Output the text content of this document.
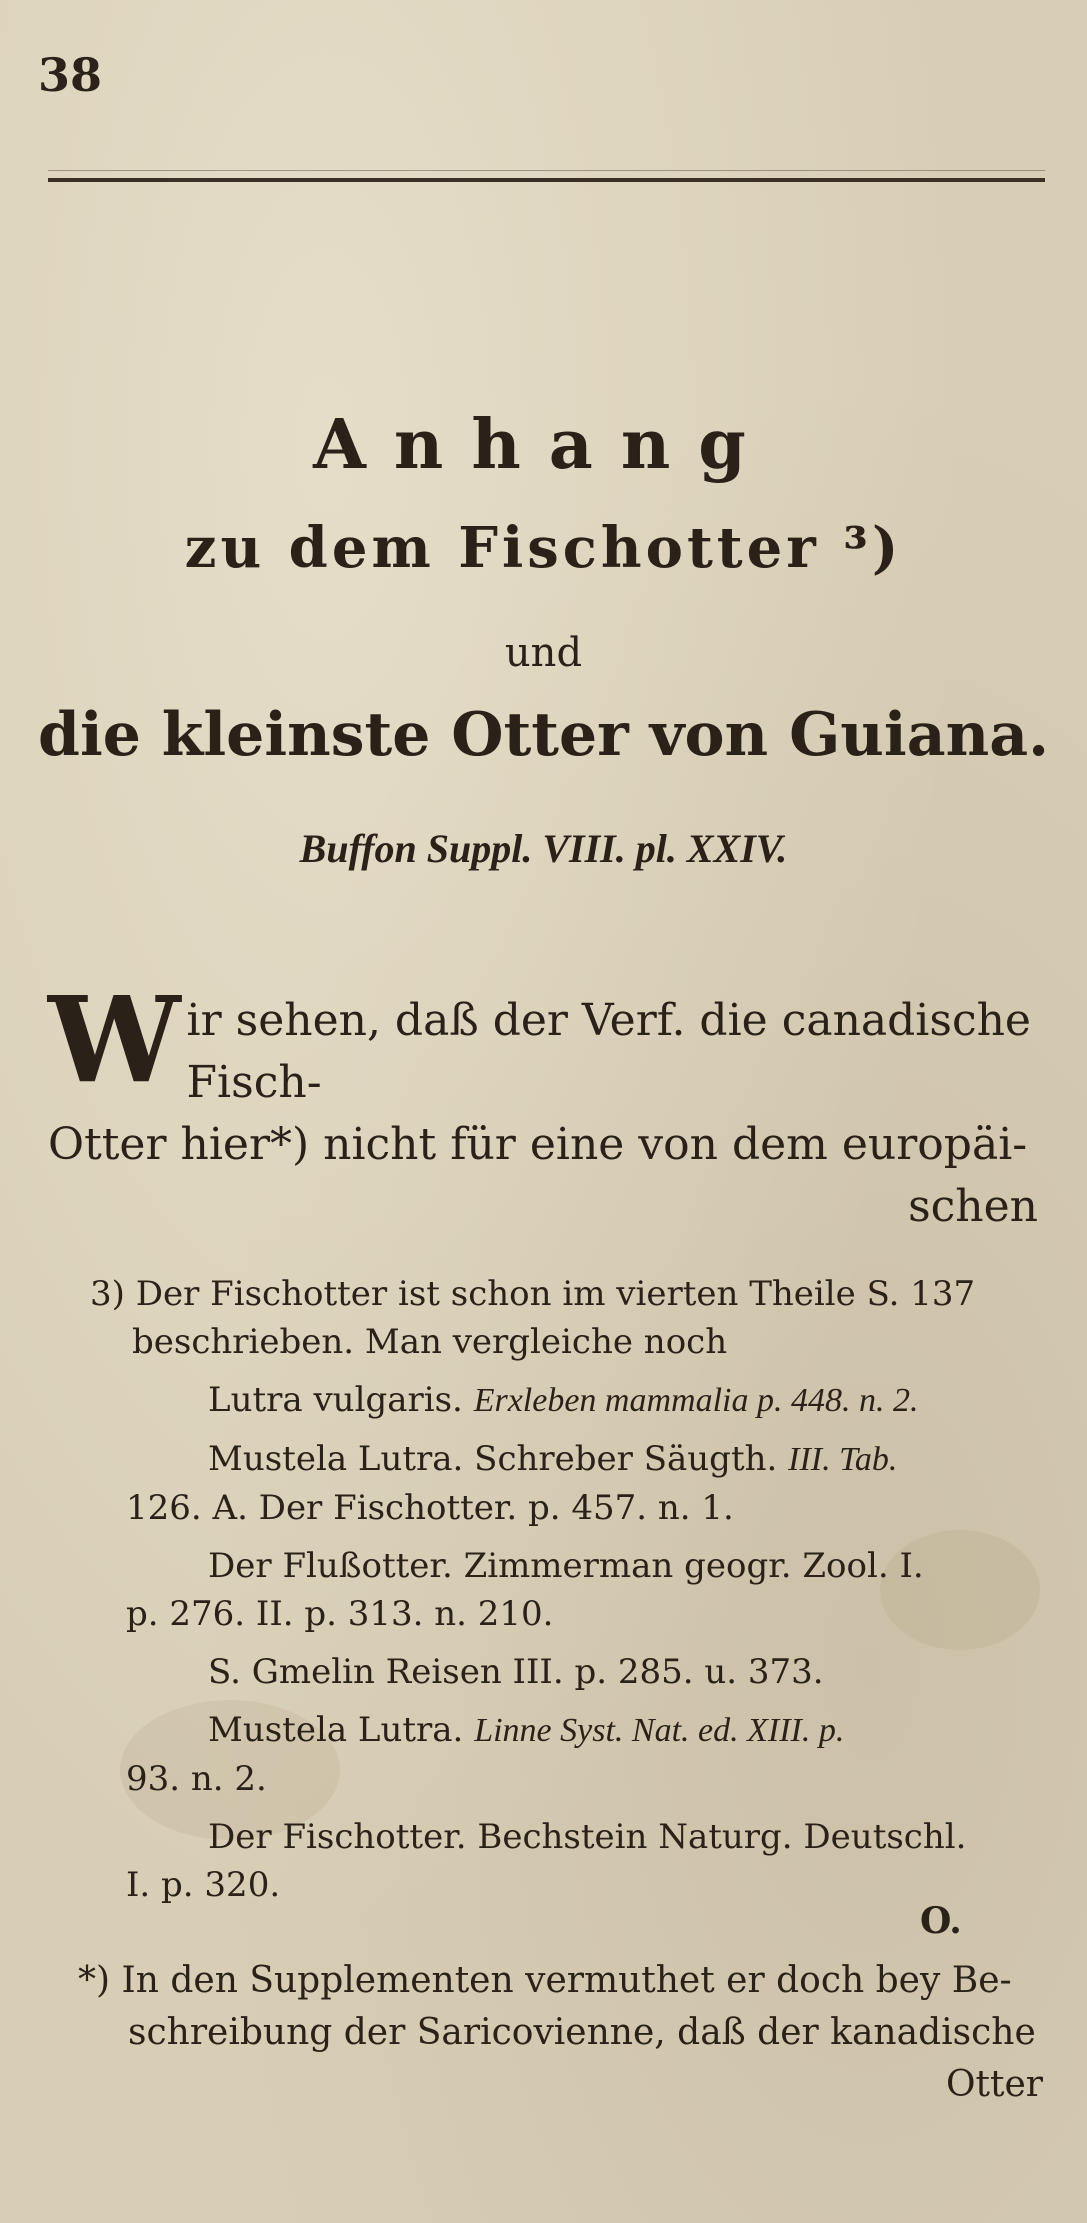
38
Anhang
zu dem Fischotter ³)
und
die kleinste Otter von Guiana.
Buffon Suppl. VIII. pl. XXIV.
W ir sehen, daß der Verf. die canadische Fisch-
Otter hier*) nicht für eine von dem europäi-
schen
3) Der Fischotter ist schon im vierten Theile S. 137
beschrieben. Man vergleiche noch
Lutra vulgaris. Erxleben mammalia p. 448. n. 2.
Mustela Lutra. Schreber Säugth. III. Tab.
126. A. Der Fischotter. p. 457. n. 1.
Der Flußotter. Zimmerman geogr. Zool. I.
p. 276. II. p. 313. n. 210.
S. Gmelin Reisen III. p. 285. u. 373.
Mustela Lutra. Linne Syst. Nat. ed. XIII. p.
93. n. 2.
Der Fischotter. Bechstein Naturg. Deutschl.
I. p. 320.
O.
*) In den Supplementen vermuthet er doch bey Be-
schreibung der Saricovienne, daß der kanadische
Otter
